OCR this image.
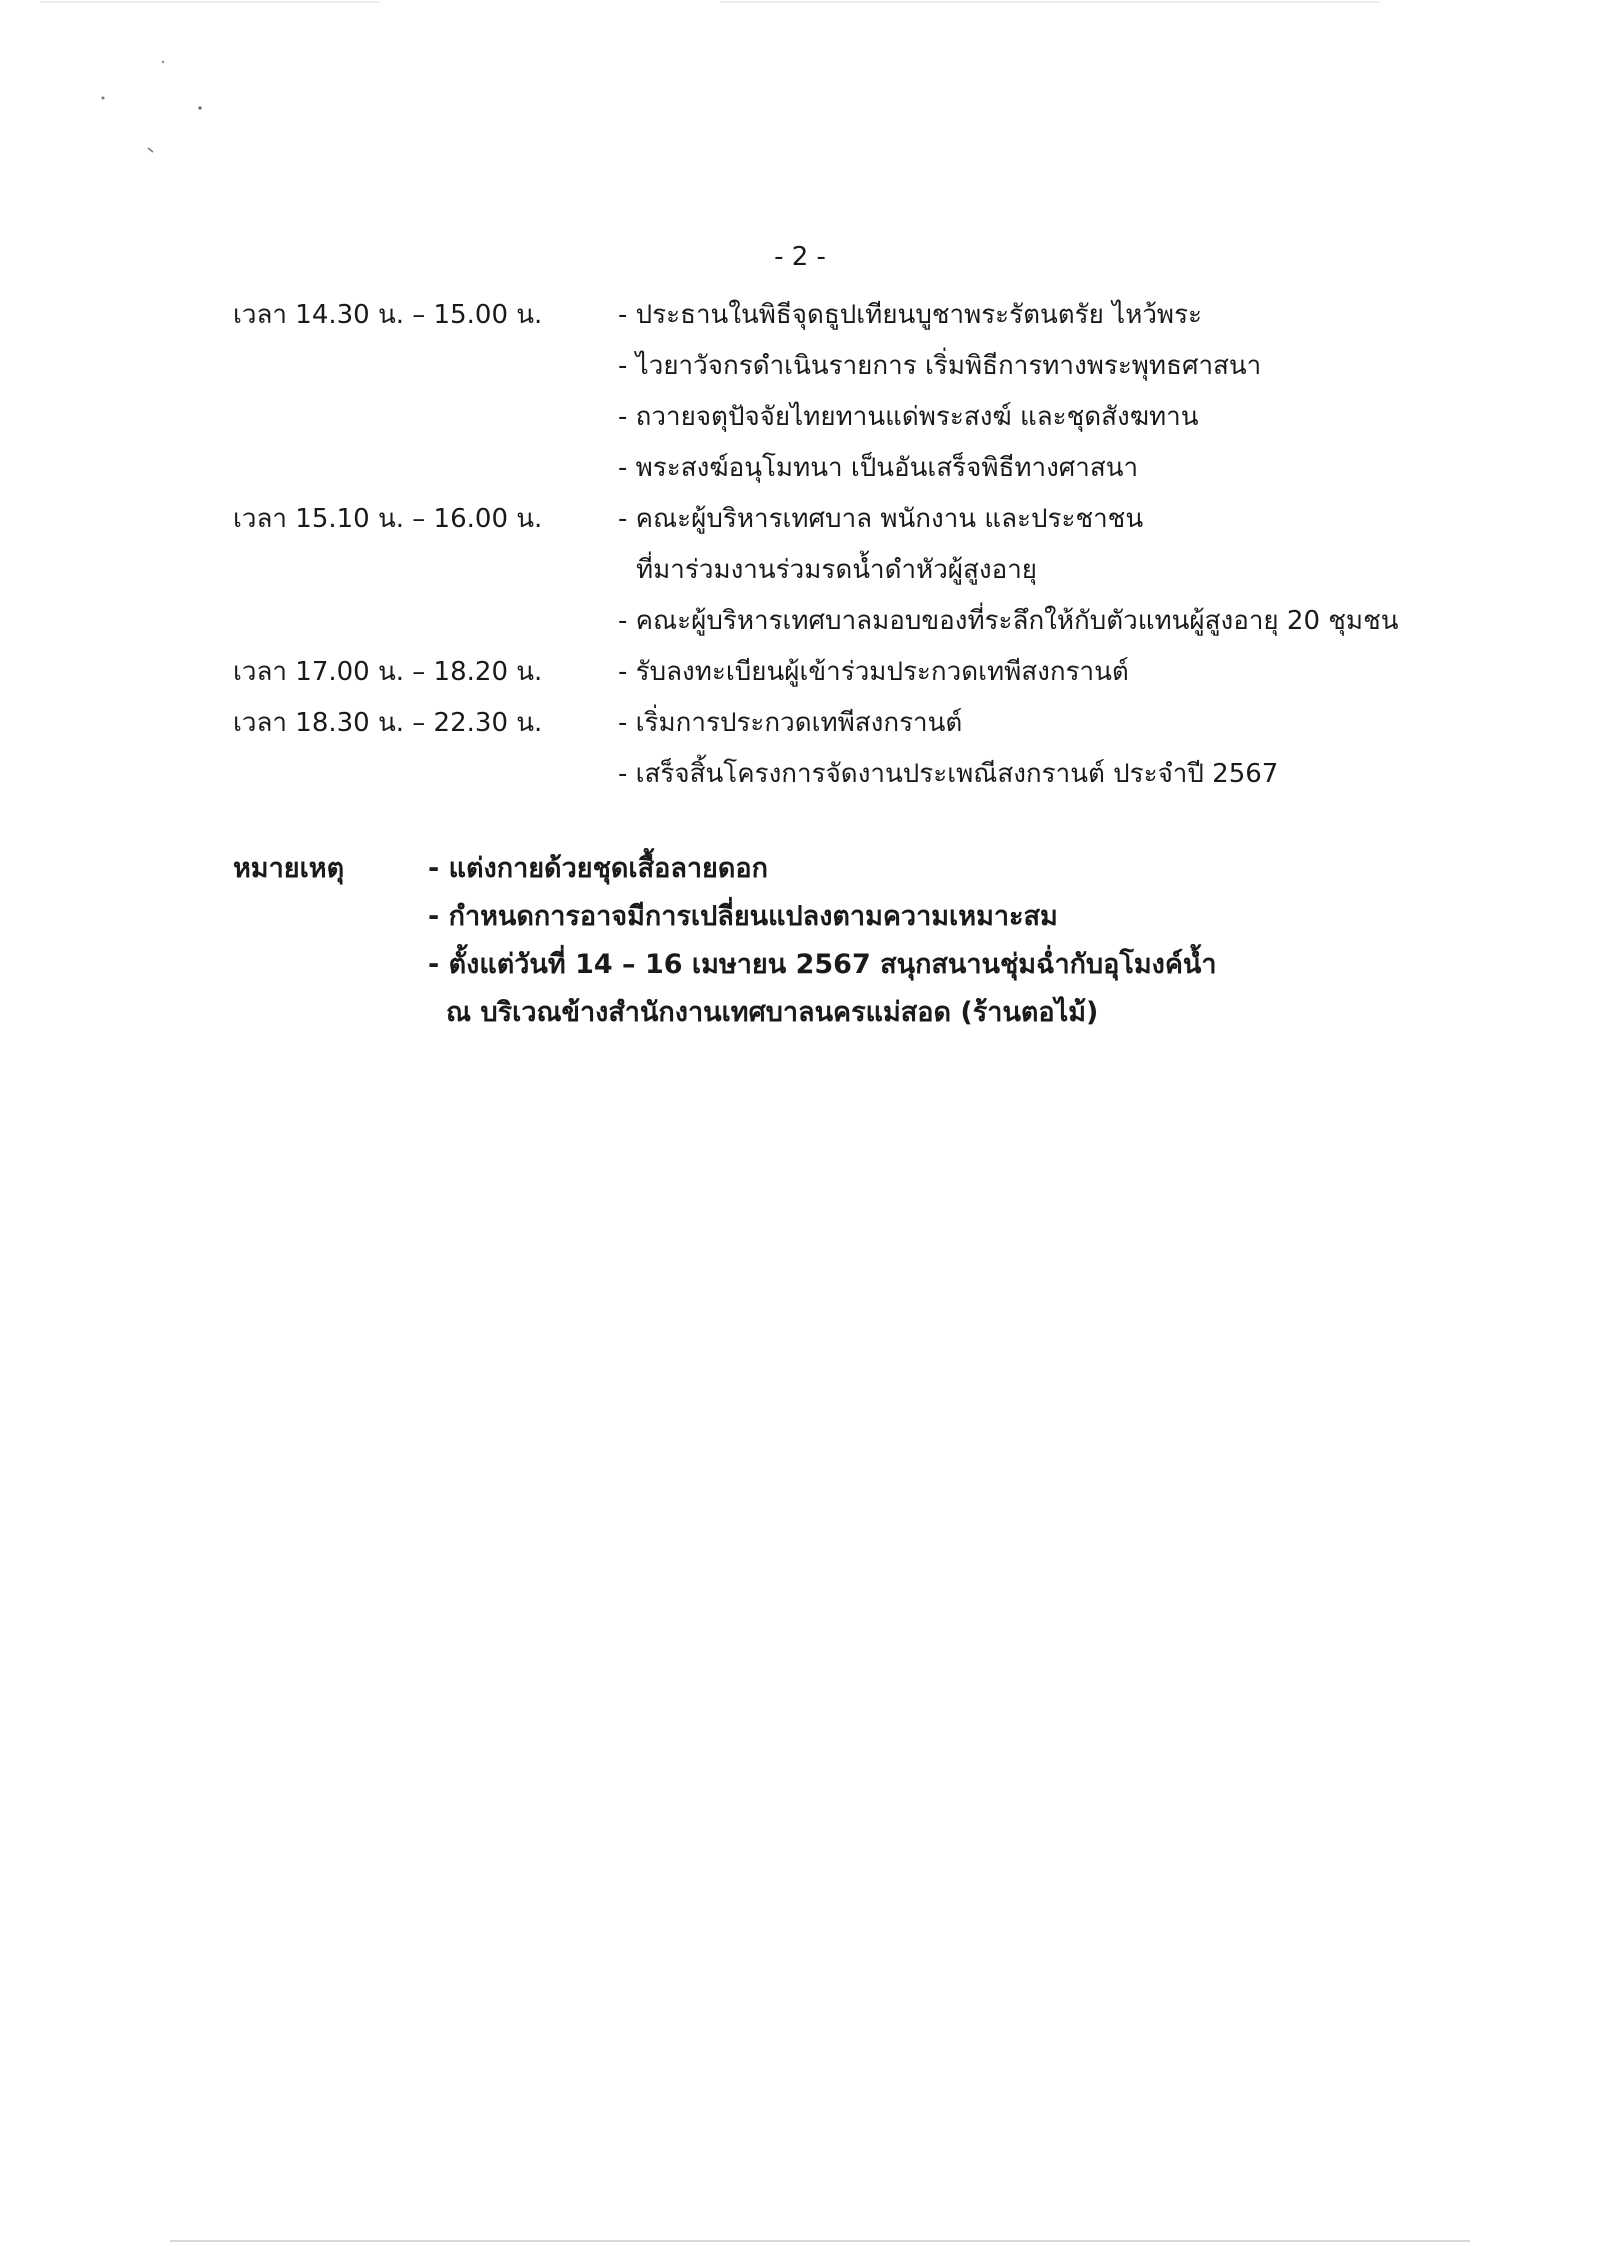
- 2 -
เวลา 14.30 น. – 15.00 น.	- ประธานในพิธีจุดธูปเทียนบูชาพระรัตนตรัย ไหว้พระ
- ไวยาวัจกรดำเนินรายการ เริ่มพิธีการทางพระพุทธศาสนา
- ถวายจตุปัจจัยไทยทานแด่พระสงฆ์ และชุดสังฆทาน
- พระสงฆ์อนุโมทนา เป็นอันเสร็จพิธีทางศาสนา
เวลา 15.10 น. – 16.00 น.	- คณะผู้บริหารเทศบาล พนักงาน และประชาชน
ที่มาร่วมงานร่วมรดน้ำดำหัวผู้สูงอายุ
- คณะผู้บริหารเทศบาลมอบของที่ระลึกให้กับตัวแทนผู้สูงอายุ 20 ชุมชน
เวลา 17.00 น. – 18.20 น.	- รับลงทะเบียนผู้เข้าร่วมประกวดเทพีสงกรานต์
เวลา 18.30 น. – 22.30 น.	- เริ่มการประกวดเทพีสงกรานต์
- เสร็จสิ้นโครงการจัดงานประเพณีสงกรานต์ ประจำปี 2567
หมายเหตุ	- แต่งกายด้วยชุดเสื้อลายดอก
- กำหนดการอาจมีการเปลี่ยนแปลงตามความเหมาะสม
- ตั้งแต่วันที่ 14 – 16 เมษายน 2567 สนุกสนานชุ่มฉ่ำกับอุโมงค์น้ำ
ณ บริเวณข้างสำนักงานเทศบาลนครแม่สอด (ร้านตอไม้)
